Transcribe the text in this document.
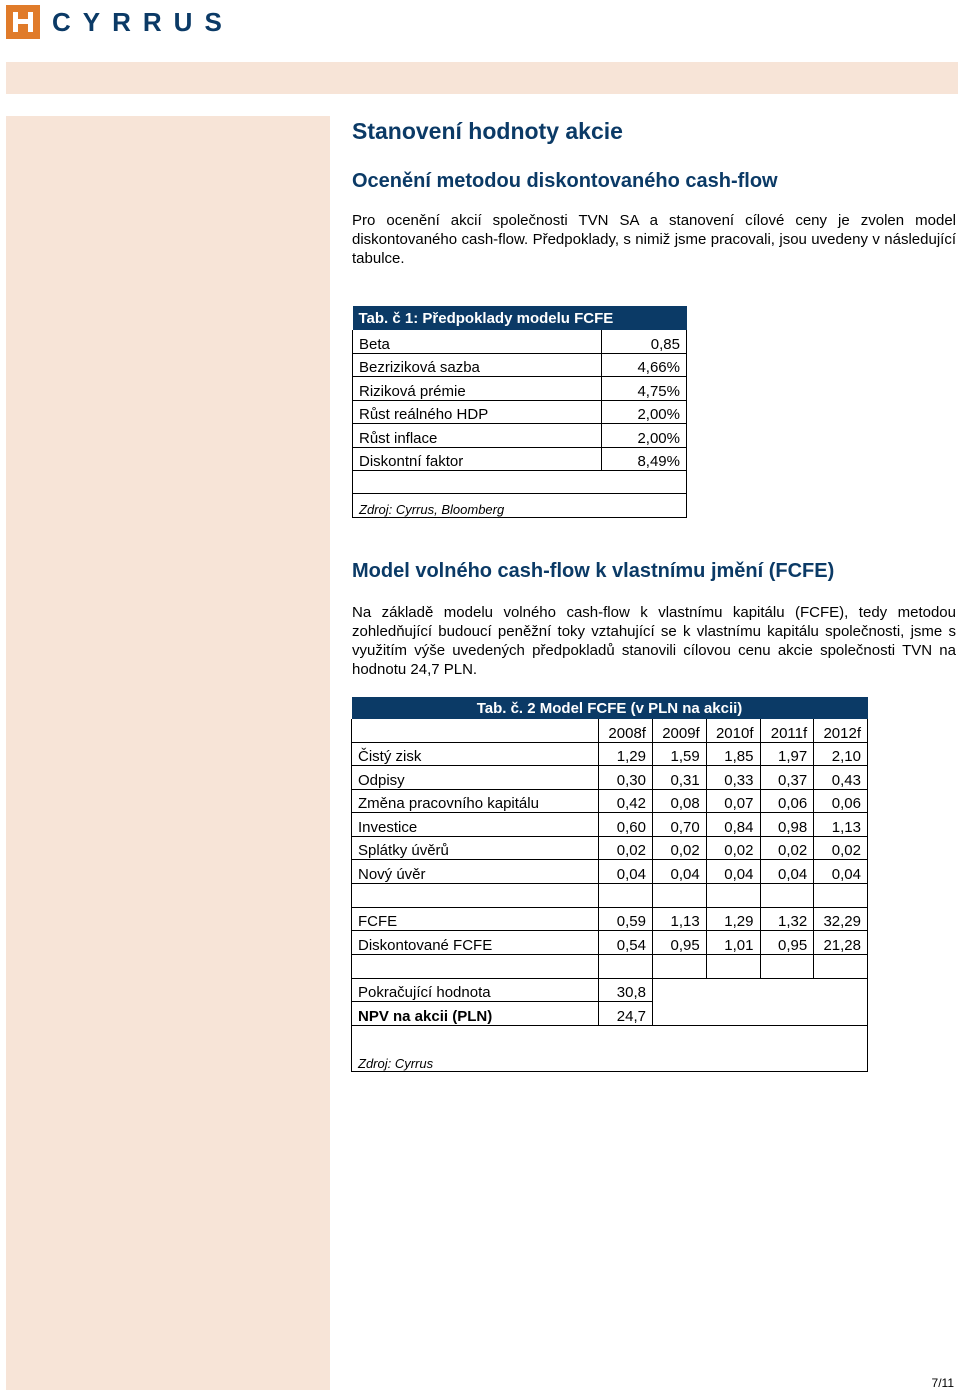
CYRRUS
Stanovení hodnoty akcie
Ocenění metodou diskontovaného cash-flow

Pro ocenění akcií společnosti TVN SA a stanovení cílové ceny je zvolen model diskontovaného cash-flow. Předpoklady, s nimiž jsme pracovali, jsou uvedeny v následující tabulce.

Tab. č 1: Předpoklady modelu FCFE	
Beta	0,85
Bezriziková sazba	4,66%
Riziková prémie	4,75%
Růst reálného HDP	2,00%
Růst inflace	2,00%
Diskontní faktor	8,49%

Zdroj: Cyrrus, Bloomberg	
Model volného cash-flow k vlastnímu jmění (FCFE)

Na základě modelu volného cash-flow k vlastnímu kapitálu (FCFE), tedy metodou zohledňující budoucí peněžní toky vztahující se k vlastnímu kapitálu společnosti, jsme s využitím výše uvedených předpokladů stanovili cílovou cenu akcie společnosti TVN na hodnotu 24,7 PLN.

Tab. č. 2 Model FCFE (v PLN na akcii)					
	2008f	2009f	2010f	2011f	2012f
Čistý zisk	1,29	1,59	1,85	1,97	2,10
Odpisy	0,30	0,31	0,33	0,37	0,43
Změna pracovního kapitálu	0,42	0,08	0,07	0,06	0,06
Investice	0,60	0,70	0,84	0,98	1,13
Splátky úvěrů	0,02	0,02	0,02	0,02	0,02
Nový úvěr	0,04	0,04	0,04	0,04	0,04

FCFE	0,59	1,13	1,29	1,32	32,29
Diskontované FCFE	0,54	0,95	1,01	0,95	21,28

Pokračující hodnota	30,8				
NPV na akcii (PLN)	24,7				

Zdroj: Cyrrus					
7/11
